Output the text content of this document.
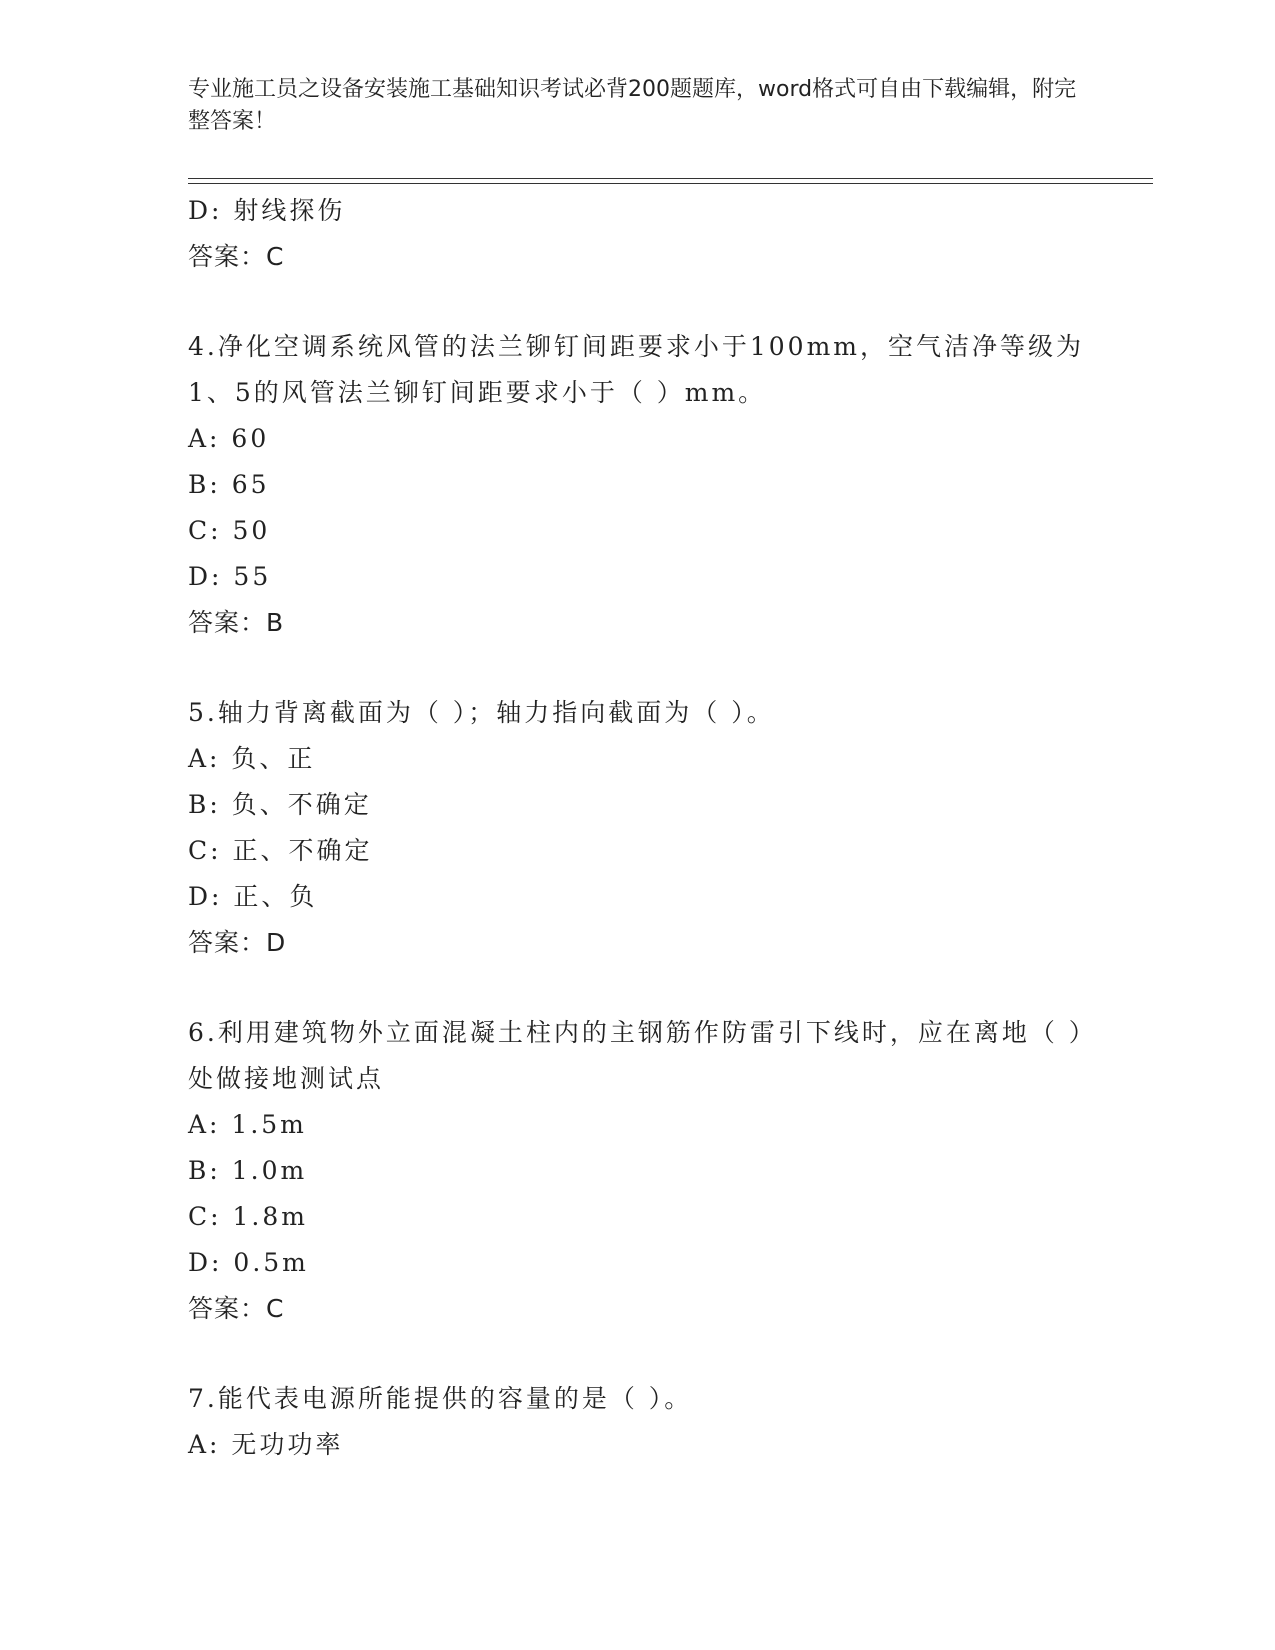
专业施工员之设备安装施工基础知识考试必背200题题库，word格式可自由下载编辑，附完整答案！
D: 射线探伤
答案：C
4.净化空调系统风管的法兰铆钉间距要求小于100mm，空气洁净等级为1、5的风管法兰铆钉间距要求小于（ ）mm。
A: 60
B: 65
C: 50
D: 55
答案：B
5.轴力背离截面为（ ）；轴力指向截面为（ ）。
A: 负、正
B: 负、不确定
C: 正、不确定
D: 正、负
答案：D
6.利用建筑物外立面混凝土柱内的主钢筋作防雷引下线时，应在离地（ ）处做接地测试点
A: 1.5m
B: 1.0m
C: 1.8m
D: 0.5m
答案：C
7.能代表电源所能提供的容量的是（ ）。
A: 无功功率
